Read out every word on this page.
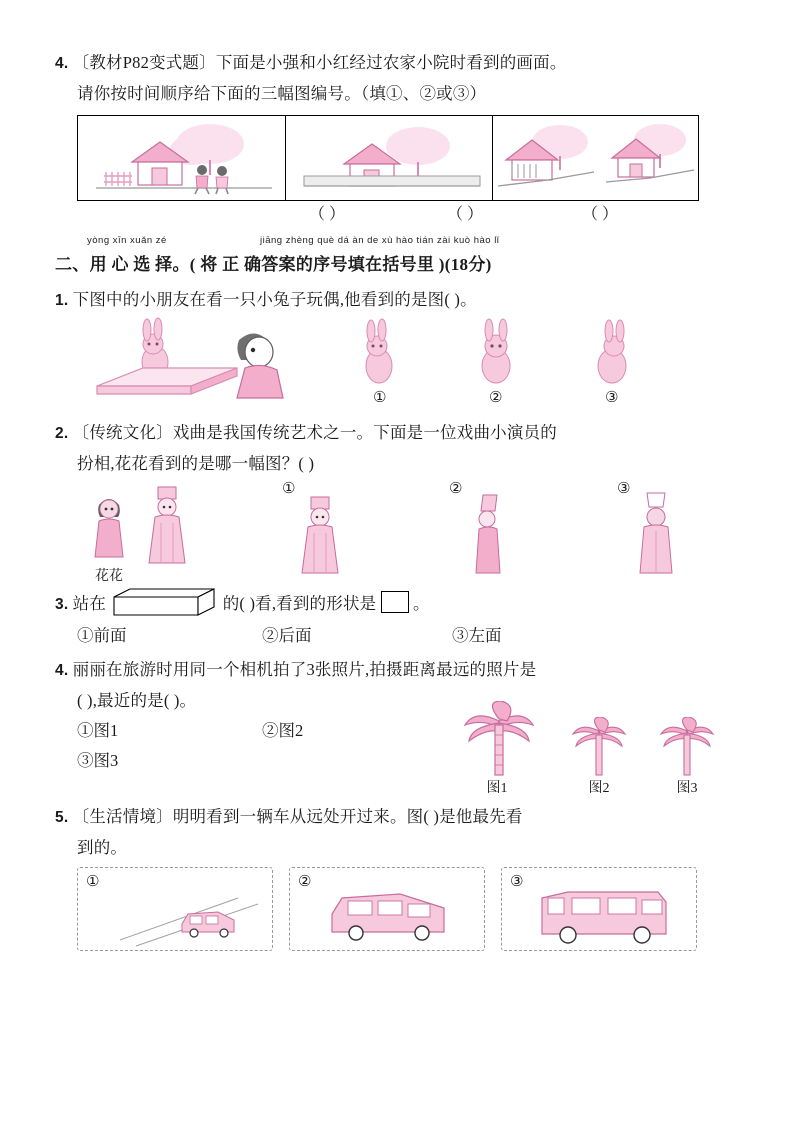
4. 〔教材P82变式题〕下面是小强和小红经过农家小院时看到的画面。
请你按时间顺序给下面的三幅图编号。（填①、②或③）
（ ）	（ ）	（ ）
yòng xīn xuǎn zé	jiāng zhèng què dá àn de xù hào tián zài kuò hào lǐ
二、用 心 选 择。( 将 正 确答案的序号填在括号里 )(18分)
1. 下图中的小朋友在看一只小兔子玩偶,他看到的是图( )。
①	②	③
2. 〔传统文化〕戏曲是我国传统艺术之一。下面是一位戏曲小演员的
扮相,花花看到的是哪一幅图？( )
①	②	③
花花
3. 站在	的( )看,看到的形状是 。
①前面	②后面	③左面
4. 丽丽在旅游时用同一个相机拍了3张照片,拍摄距离最远的照片是
( ),最近的是( )。
①图1	②图2
③图3
图1	图2	图3
5. 〔生活情境〕明明看到一辆车从远处开过来。图( )是他最先看
到的。
①	②	③
